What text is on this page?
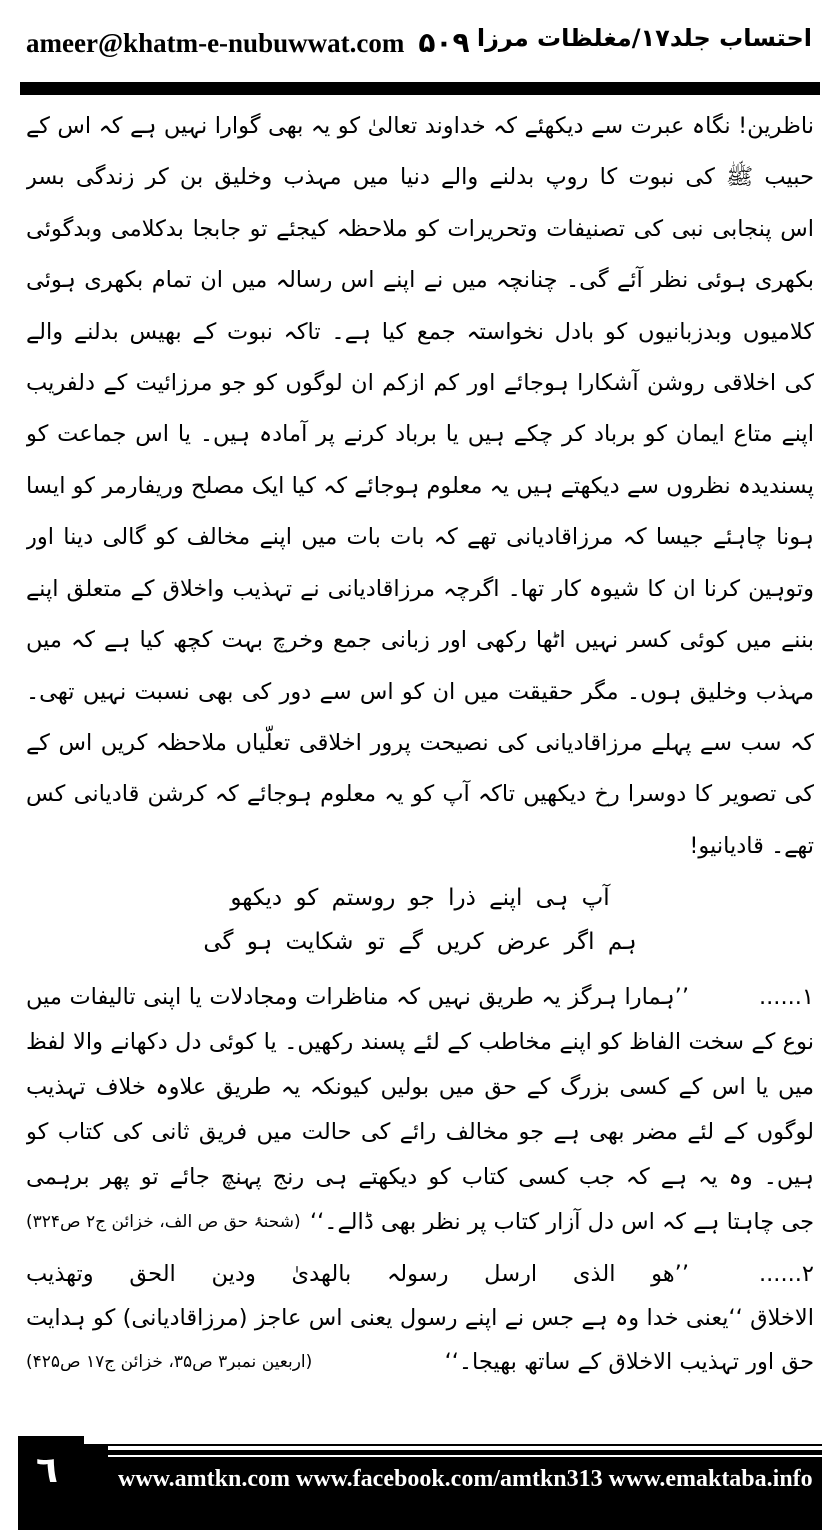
ameer@khatm-e-nubuwwat.com ۵۰۹ احتساب جلد۱۷/مغلظات مرزا
ناظرین! نگاہ عبرت سے دیکھئے کہ خداوند تعالیٰ کو یہ بھی گوارا نہیں ہے کہ اس کے
حبیب ﷺ کی نبوت کا روپ بدلنے والے دنیا میں مہذب وخلیق بن کر زندگی بسر
اس پنجابی نبی کی تصنیفات وتحریرات کو ملاحظہ کیجئے تو جابجا بدکلامی وبدگوئی
بکھری ہوئی نظر آئے گی۔ چنانچہ میں نے اپنے اس رسالہ میں ان تمام بکھری ہوئی
کلامیوں وبدزبانیوں کو بادل نخواستہ جمع کیا ہے۔ تاکہ نبوت کے بھیس بدلنے والے
کی اخلاقی روشن آشکارا ہوجائے اور کم ازکم ان لوگوں کو جو مرزائیت کے دلفریب
اپنے متاع ایمان کو برباد کر چکے ہیں یا برباد کرنے پر آمادہ ہیں۔ یا اس جماعت کو
پسندیدہ نظروں سے دیکھتے ہیں یہ معلوم ہوجائے کہ کیا ایک مصلح وریفارمر کو ایسا
ہونا چاہئے جیسا کہ مرزاقادیانی تھے کہ بات بات میں اپنے مخالف کو گالی دینا اور
وتوہین کرنا ان کا شیوہ کار تھا۔ اگرچہ مرزاقادیانی نے تہذیب واخلاق کے متعلق اپنے
بننے میں کوئی کسر نہیں اٹھا رکھی اور زبانی جمع وخرچ بہت کچھ کیا ہے کہ میں
مہذب وخلیق ہوں۔ مگر حقیقت میں ان کو اس سے دور کی بھی نسبت نہیں تھی۔
کہ سب سے پہلے مرزاقادیانی کی نصیحت پرور اخلاقی تعلّیاں ملاحظہ کریں اس کے
کی تصویر کا دوسرا رخ دیکھیں تاکہ آپ کو یہ معلوم ہوجائے کہ کرشن قادیانی کس
تھے۔ قادیانیو!
آپ ہی اپنے ذرا جو روستم کو دیکھو
ہم اگر عرض کریں گے تو شکایت ہو گی
۱......
’’ہمارا ہرگز یہ طریق نہیں کہ مناظرات ومجادلات یا اپنی تالیفات میں
نوع کے سخت الفاظ کو اپنے مخاطب کے لئے پسند رکھیں۔ یا کوئی دل دکھانے والا لفظ
میں یا اس کے کسی بزرگ کے حق میں بولیں کیونکہ یہ طریق علاوہ خلاف تہذیب
لوگوں کے لئے مضر بھی ہے جو مخالف رائے کی حالت میں فریق ثانی کی کتاب کو
ہیں۔ وہ یہ ہے کہ جب کسی کتاب کو دیکھتے ہی رنج پہنچ جائے تو پھر برہمی
جی چاہتا ہے کہ اس دل آزار کتاب پر نظر بھی ڈالے۔‘‘
(شحنۂ حق ص الف، خزائن ج۲ ص۳۲۴)
۲......
’’ھو الذی ارسل رسولہ بالھدیٰ ودین الحق وتھذیب
الاخلاق ‘‘یعنی خدا وہ ہے جس نے اپنے رسول یعنی اس عاجز (مرزاقادیانی) کو ہدایت
حق اور تہذیب الاخلاق کے ساتھ بھیجا۔‘‘
(اربعین نمبر۳ ص۳۵، خزائن ج۱۷ ص۴۲۵)
٦	www.amtkn.com www.facebook.com/amtkn313 www.emaktaba.info
